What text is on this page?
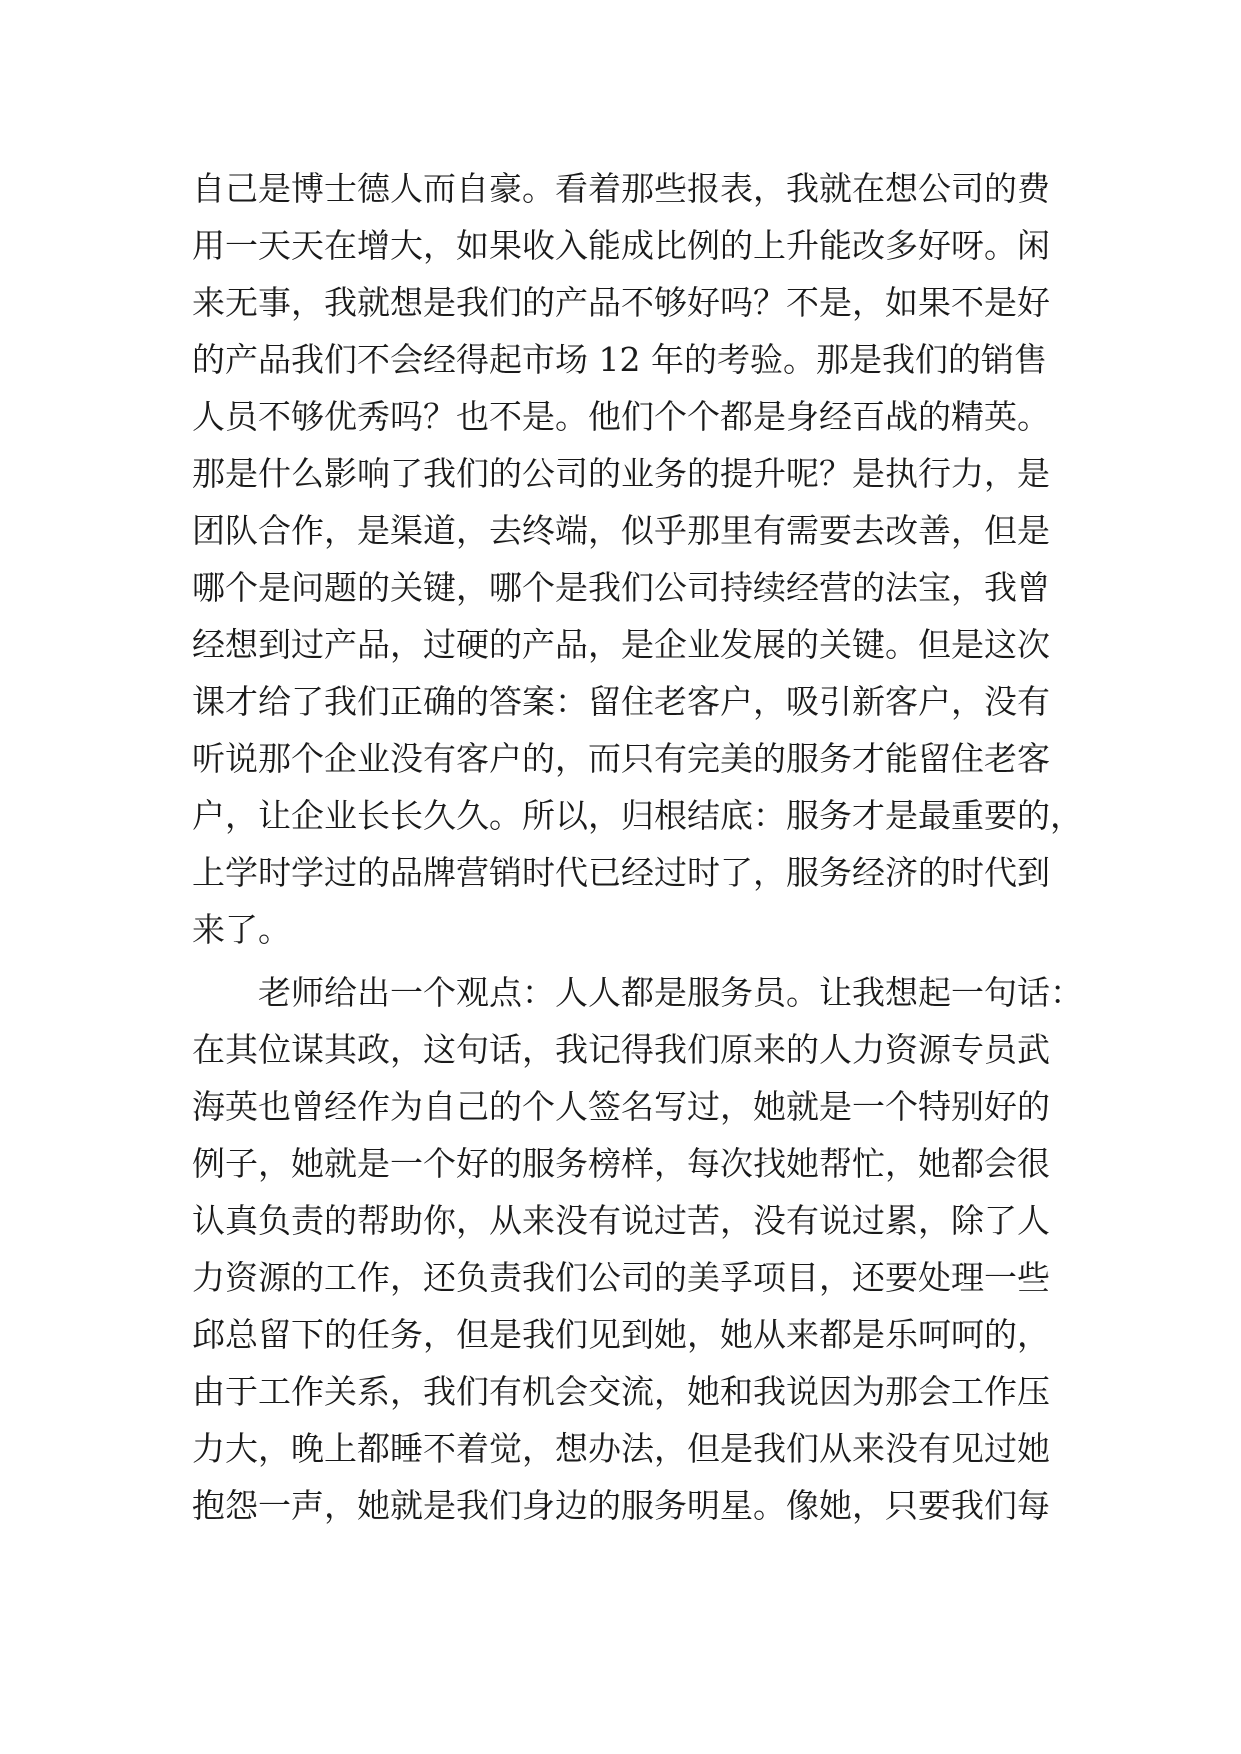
自己是博士德人而自豪。看着那些报表，我就在想公司的费
用一天天在增大，如果收入能成比例的上升能改多好呀。闲
来无事，我就想是我们的产品不够好吗？不是，如果不是好
的产品我们不会经得起市场 12 年的考验。那是我们的销售
人员不够优秀吗？也不是。他们个个都是身经百战的精英。
那是什么影响了我们的公司的业务的提升呢？是执行力，是
团队合作，是渠道，去终端，似乎那里有需要去改善，但是
哪个是问题的关键，哪个是我们公司持续经营的法宝，我曾
经想到过产品，过硬的产品，是企业发展的关键。但是这次
课才给了我们正确的答案：留住老客户，吸引新客户，没有
听说那个企业没有客户的，而只有完美的服务才能留住老客
户，让企业长长久久。所以，归根结底：服务才是最重要的，
上学时学过的品牌营销时代已经过时了，服务经济的时代到
来了。
老师给出一个观点：人人都是服务员。让我想起一句话：
在其位谋其政，这句话，我记得我们原来的人力资源专员武
海英也曾经作为自己的个人签名写过，她就是一个特别好的
例子，她就是一个好的服务榜样，每次找她帮忙，她都会很
认真负责的帮助你，从来没有说过苦，没有说过累，除了人
力资源的工作，还负责我们公司的美孚项目，还要处理一些
邱总留下的任务，但是我们见到她，她从来都是乐呵呵的，
由于工作关系，我们有机会交流，她和我说因为那会工作压
力大，晚上都睡不着觉，想办法，但是我们从来没有见过她
抱怨一声，她就是我们身边的服务明星。像她，只要我们每
